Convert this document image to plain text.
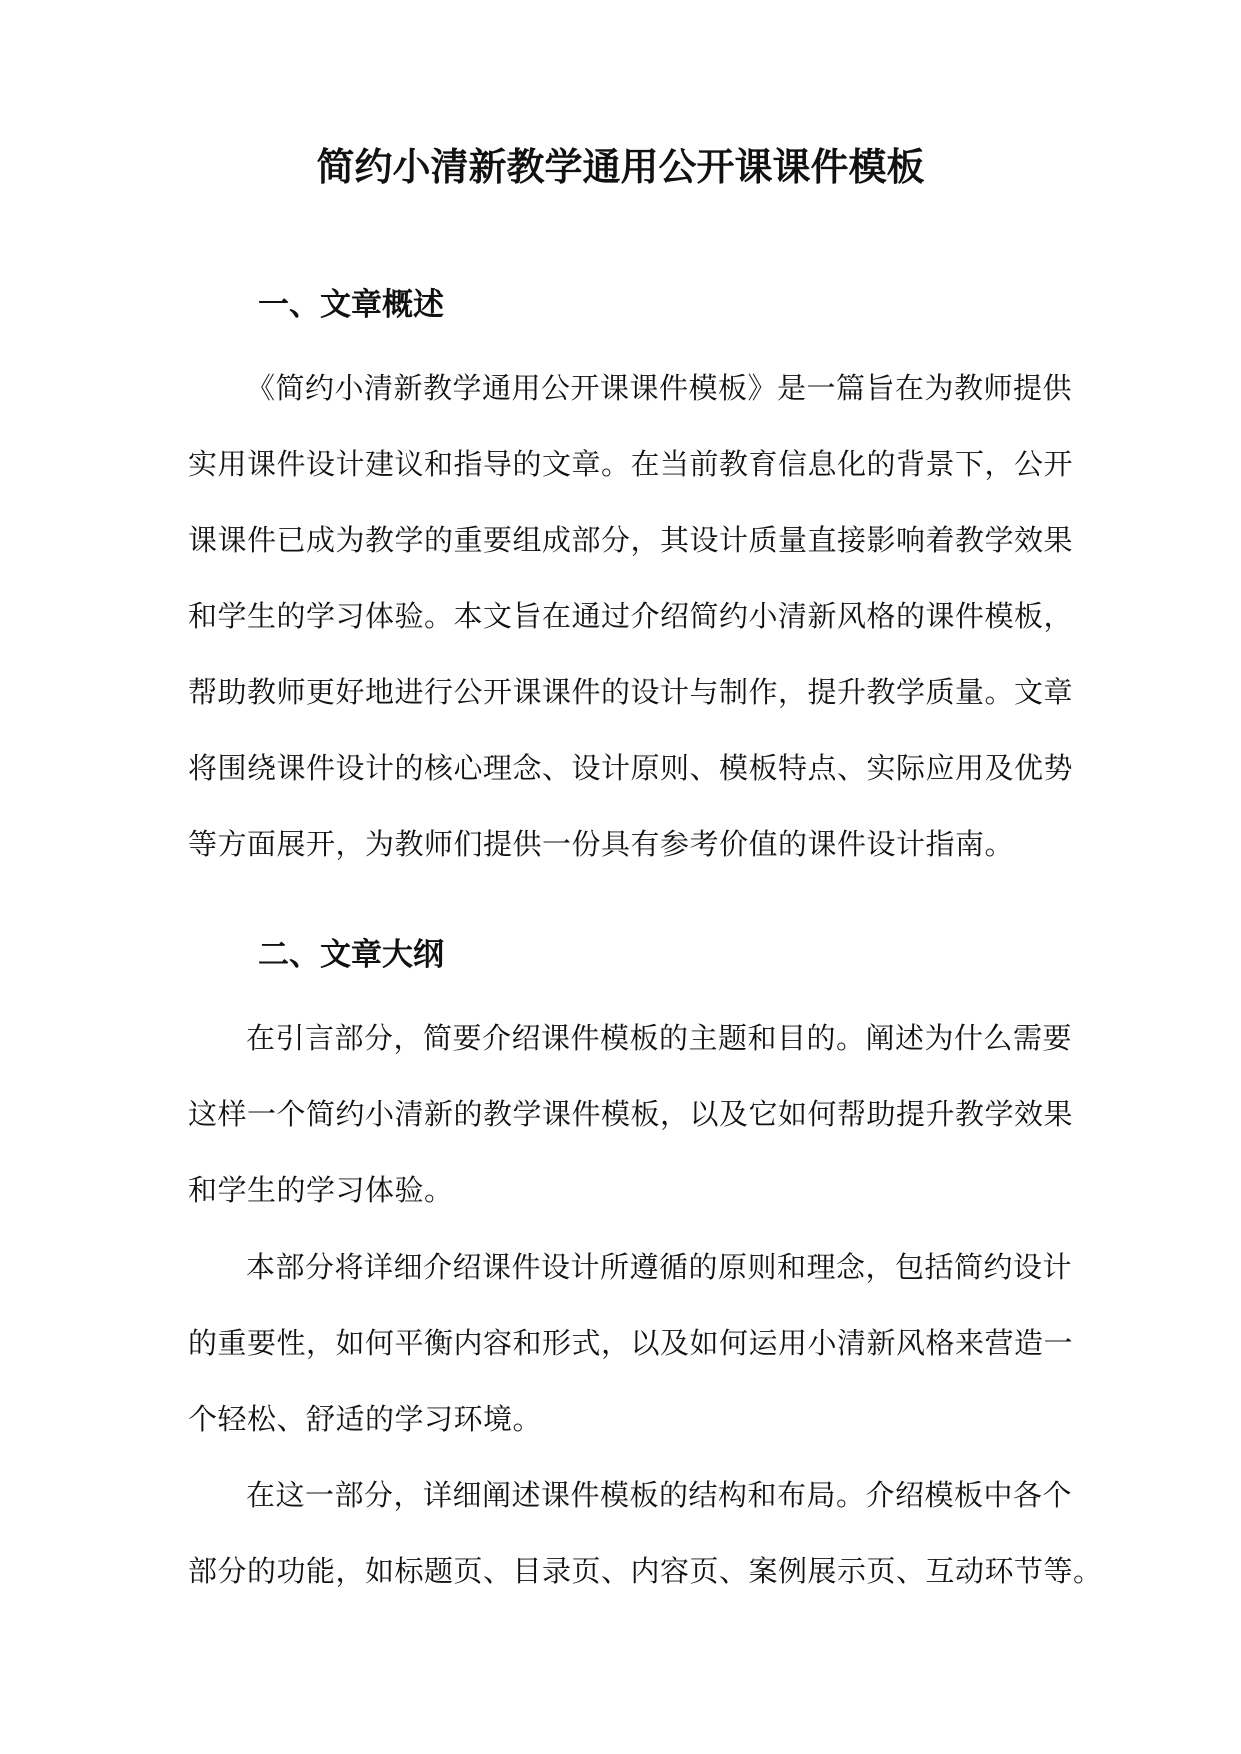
简约小清新教学通用公开课课件模板
一、文章概述

《简约小清新教学通用公开课课件模板》是一篇旨在为教师提供
实用课件设计建议和指导的文章。在当前教育信息化的背景下，公开
课课件已成为教学的重要组成部分，其设计质量直接影响着教学效果
和学生的学习体验。本文旨在通过介绍简约小清新风格的课件模板，
帮助教师更好地进行公开课课件的设计与制作，提升教学质量。文章
将围绕课件设计的核心理念、设计原则、模板特点、实际应用及优势
等方面展开，为教师们提供一份具有参考价值的课件设计指南。

二、文章大纲

在引言部分，简要介绍课件模板的主题和目的。阐述为什么需要
这样一个简约小清新的教学课件模板，以及它如何帮助提升教学效果
和学生的学习体验。

本部分将详细介绍课件设计所遵循的原则和理念，包括简约设计
的重要性，如何平衡内容和形式，以及如何运用小清新风格来营造一
个轻松、舒适的学习环境。

在这一部分，详细阐述课件模板的结构和布局。介绍模板中各个
部分的功能，如标题页、目录页、内容页、案例展示页、互动环节等。
